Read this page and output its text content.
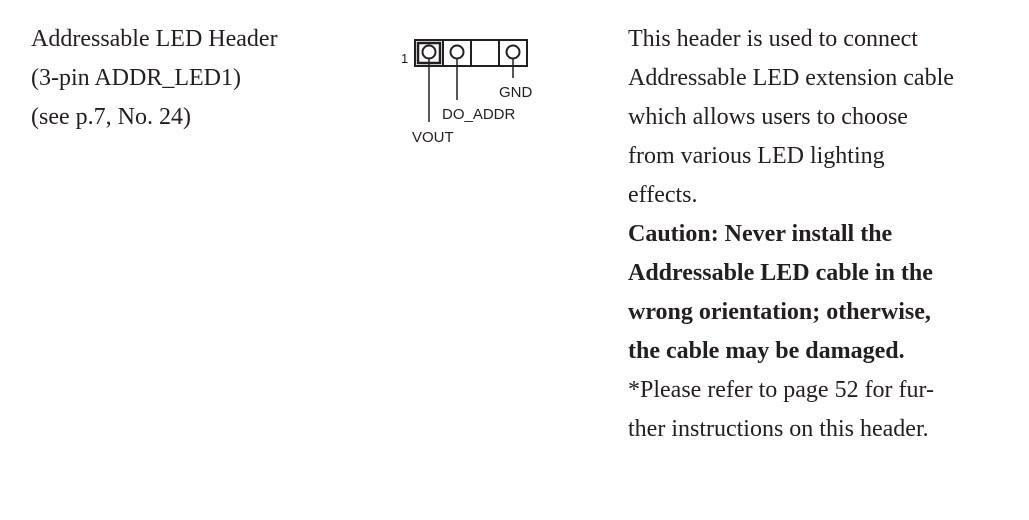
Addressable LED Header
(3-pin ADDR_LED1)
(see p.7, No. 24)
1
GND
DO_ADDR
VOUT
This header is used to connect
Addressable LED extension cable
which allows users to choose
from various LED lighting
effects.
Caution: Never install the
Addressable LED cable in the
wrong orientation; otherwise,
the cable may be damaged.
*Please refer to page 52 for fur-
ther instructions on this header.
